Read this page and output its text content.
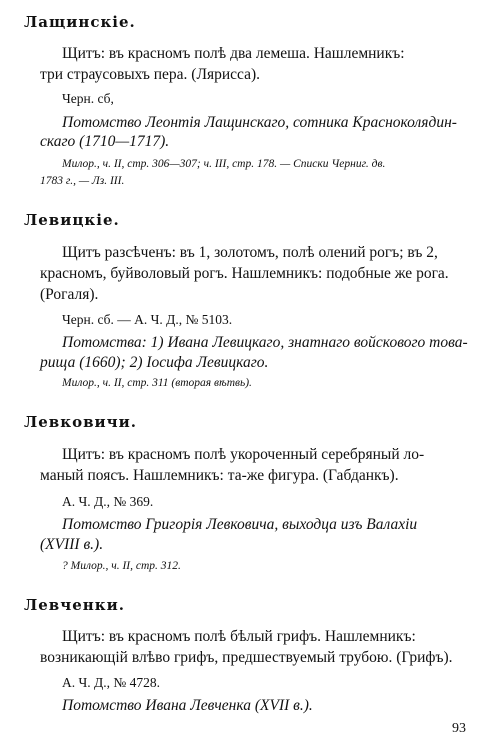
Лащинскіе.
Щитъ: въ красномъ полѣ два лемеша. Нашлемникъ:
три страусовыхъ пера. (Лярисса).
Черн. сб,
Потомство Леонтія Лащинскаго, сотника Красноколядин-
скаго (1710—1717).
Милор., ч. II, стр. 306—307; ч. III, стр. 178. — Списки Черниг. дв.
1783 г., — Лз. III.
Левицкіе.
Щитъ разсѣченъ: въ 1, золотомъ, полѣ олений рогъ; въ 2,
красномъ, буйволовый рогъ. Нашлемникъ: подобные же рога.
(Рогаля).
Черн. сб. — А. Ч. Д., № 5103.
Потомства: 1) Ивана Левицкаго, знатнаго войскового това-
рища (1660); 2) Іосифа Левицкаго.
Милор., ч. II, стр. 311 (вторая вѣтвь).
Левковичи.
Щитъ: въ красномъ полѣ укороченный серебряный ло-
маный поясъ. Нашлемникъ: та-же фигура. (Габданкъ).
А. Ч. Д., № 369.
Потомство Григорія Левковича, выходца изъ Валахіи
(XVIII в.).
? Милор., ч. II, стр. 312.
Левченки.
Щитъ: въ красномъ полѣ бѣлый грифъ. Нашлемникъ:
возникающій влѣво грифъ, предшествуемый трубою. (Грифъ).
А. Ч. Д., № 4728.
Потомство Ивана Левченка (XVII в.).
93
